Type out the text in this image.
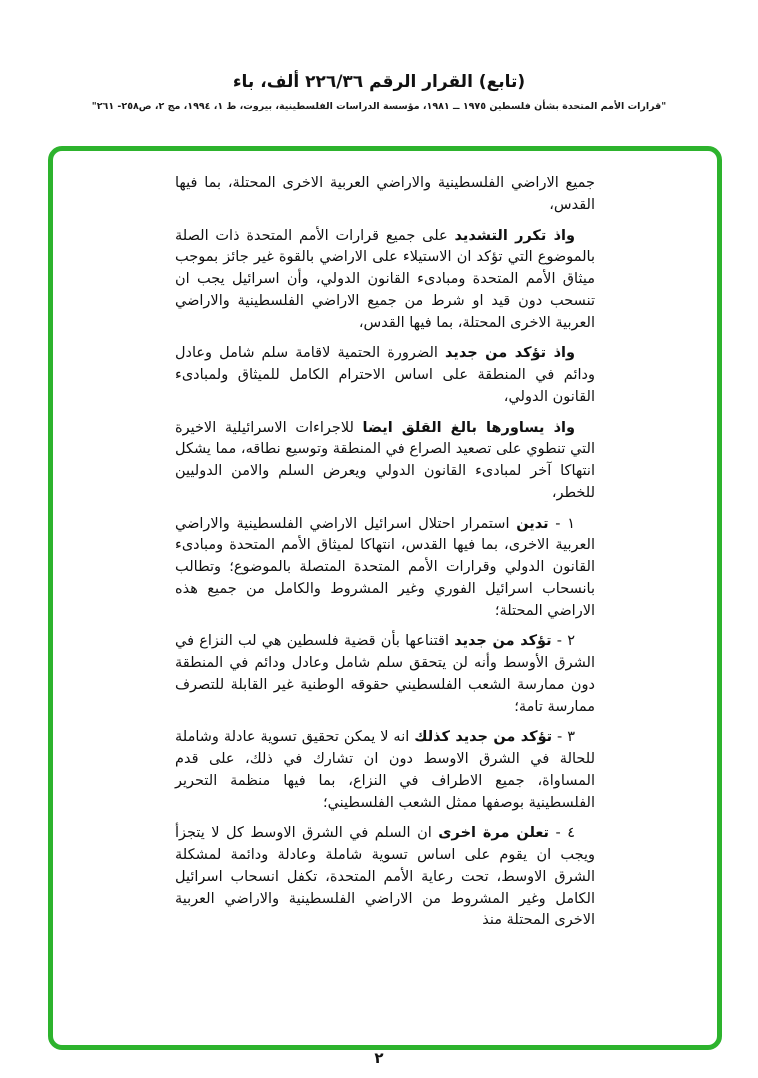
(تابع) القرار الرقم ٢٢٦/٣٦ ألف، باء
"قرارات الأمم المتحدة بشأن فلسطين ١٩٧٥ ــ ١٩٨١، مؤسسة الدراسات الفلسطينية، بيروت، ط ١، ١٩٩٤، مج ٢، ص٢٥٨- ٢٦١"

جميع الاراضي الفلسطينية والاراضي العربية الاخرى المحتلة، بما فيها القدس،

واذ تكرر التشديد على جميع قرارات الأمم المتحدة ذات الصلة بالموضوع التي تؤكد ان الاستيلاء على الاراضي بالقوة غير جائز بموجب ميثاق الأمم المتحدة ومبادىء القانون الدولي، وأن اسرائيل يجب ان تنسحب دون قيد او شرط من جميع الاراضي الفلسطينية والاراضي العربية الاخرى المحتلة، بما فيها القدس،

واذ تؤكد من جديد الضرورة الحتمية لاقامة سلم شامل وعادل ودائم في المنطقة على اساس الاحترام الكامل للميثاق ولمبادىء القانون الدولي،

واذ يساورها بالغ القلق ايضا للاجراءات الاسرائيلية الاخيرة التي تنطوي على تصعيد الصراع في المنطقة وتوسيع نطاقه، مما يشكل انتهاكا آخر لمبادىء القانون الدولي ويعرض السلم والامن الدوليين للخطر،

١ - تدين استمرار احتلال اسرائيل الاراضي الفلسطينية والاراضي العربية الاخرى، بما فيها القدس، انتهاكا لميثاق الأمم المتحدة ومبادىء القانون الدولي وقرارات الأمم المتحدة المتصلة بالموضوع؛ وتطالب بانسحاب اسرائيل الفوري وغير المشروط والكامل من جميع هذه الاراضي المحتلة؛

٢ - تؤكد من جديد اقتناعها بأن قضية فلسطين هي لب النزاع في الشرق الأوسط وأنه لن يتحقق سلم شامل وعادل ودائم في المنطقة دون ممارسة الشعب الفلسطيني حقوقه الوطنية غير القابلة للتصرف ممارسة تامة؛

٣ - تؤكد من جديد كذلك انه لا يمكن تحقيق تسوية عادلة وشاملة للحالة في الشرق الاوسط دون ان تشارك في ذلك، على قدم المساواة، جميع الاطراف في النزاع، بما فيها منظمة التحرير الفلسطينية بوصفها ممثل الشعب الفلسطيني؛

٤ - تعلن مرة اخرى ان السلم في الشرق الاوسط كل لا يتجزأ ويجب ان يقوم على اساس تسوية شاملة وعادلة ودائمة لمشكلة الشرق الاوسط، تحت رعاية الأمم المتحدة، تكفل انسحاب اسرائيل الكامل وغير المشروط من الاراضي الفلسطينية والاراضي العربية الاخرى المحتلة منذ

٢
